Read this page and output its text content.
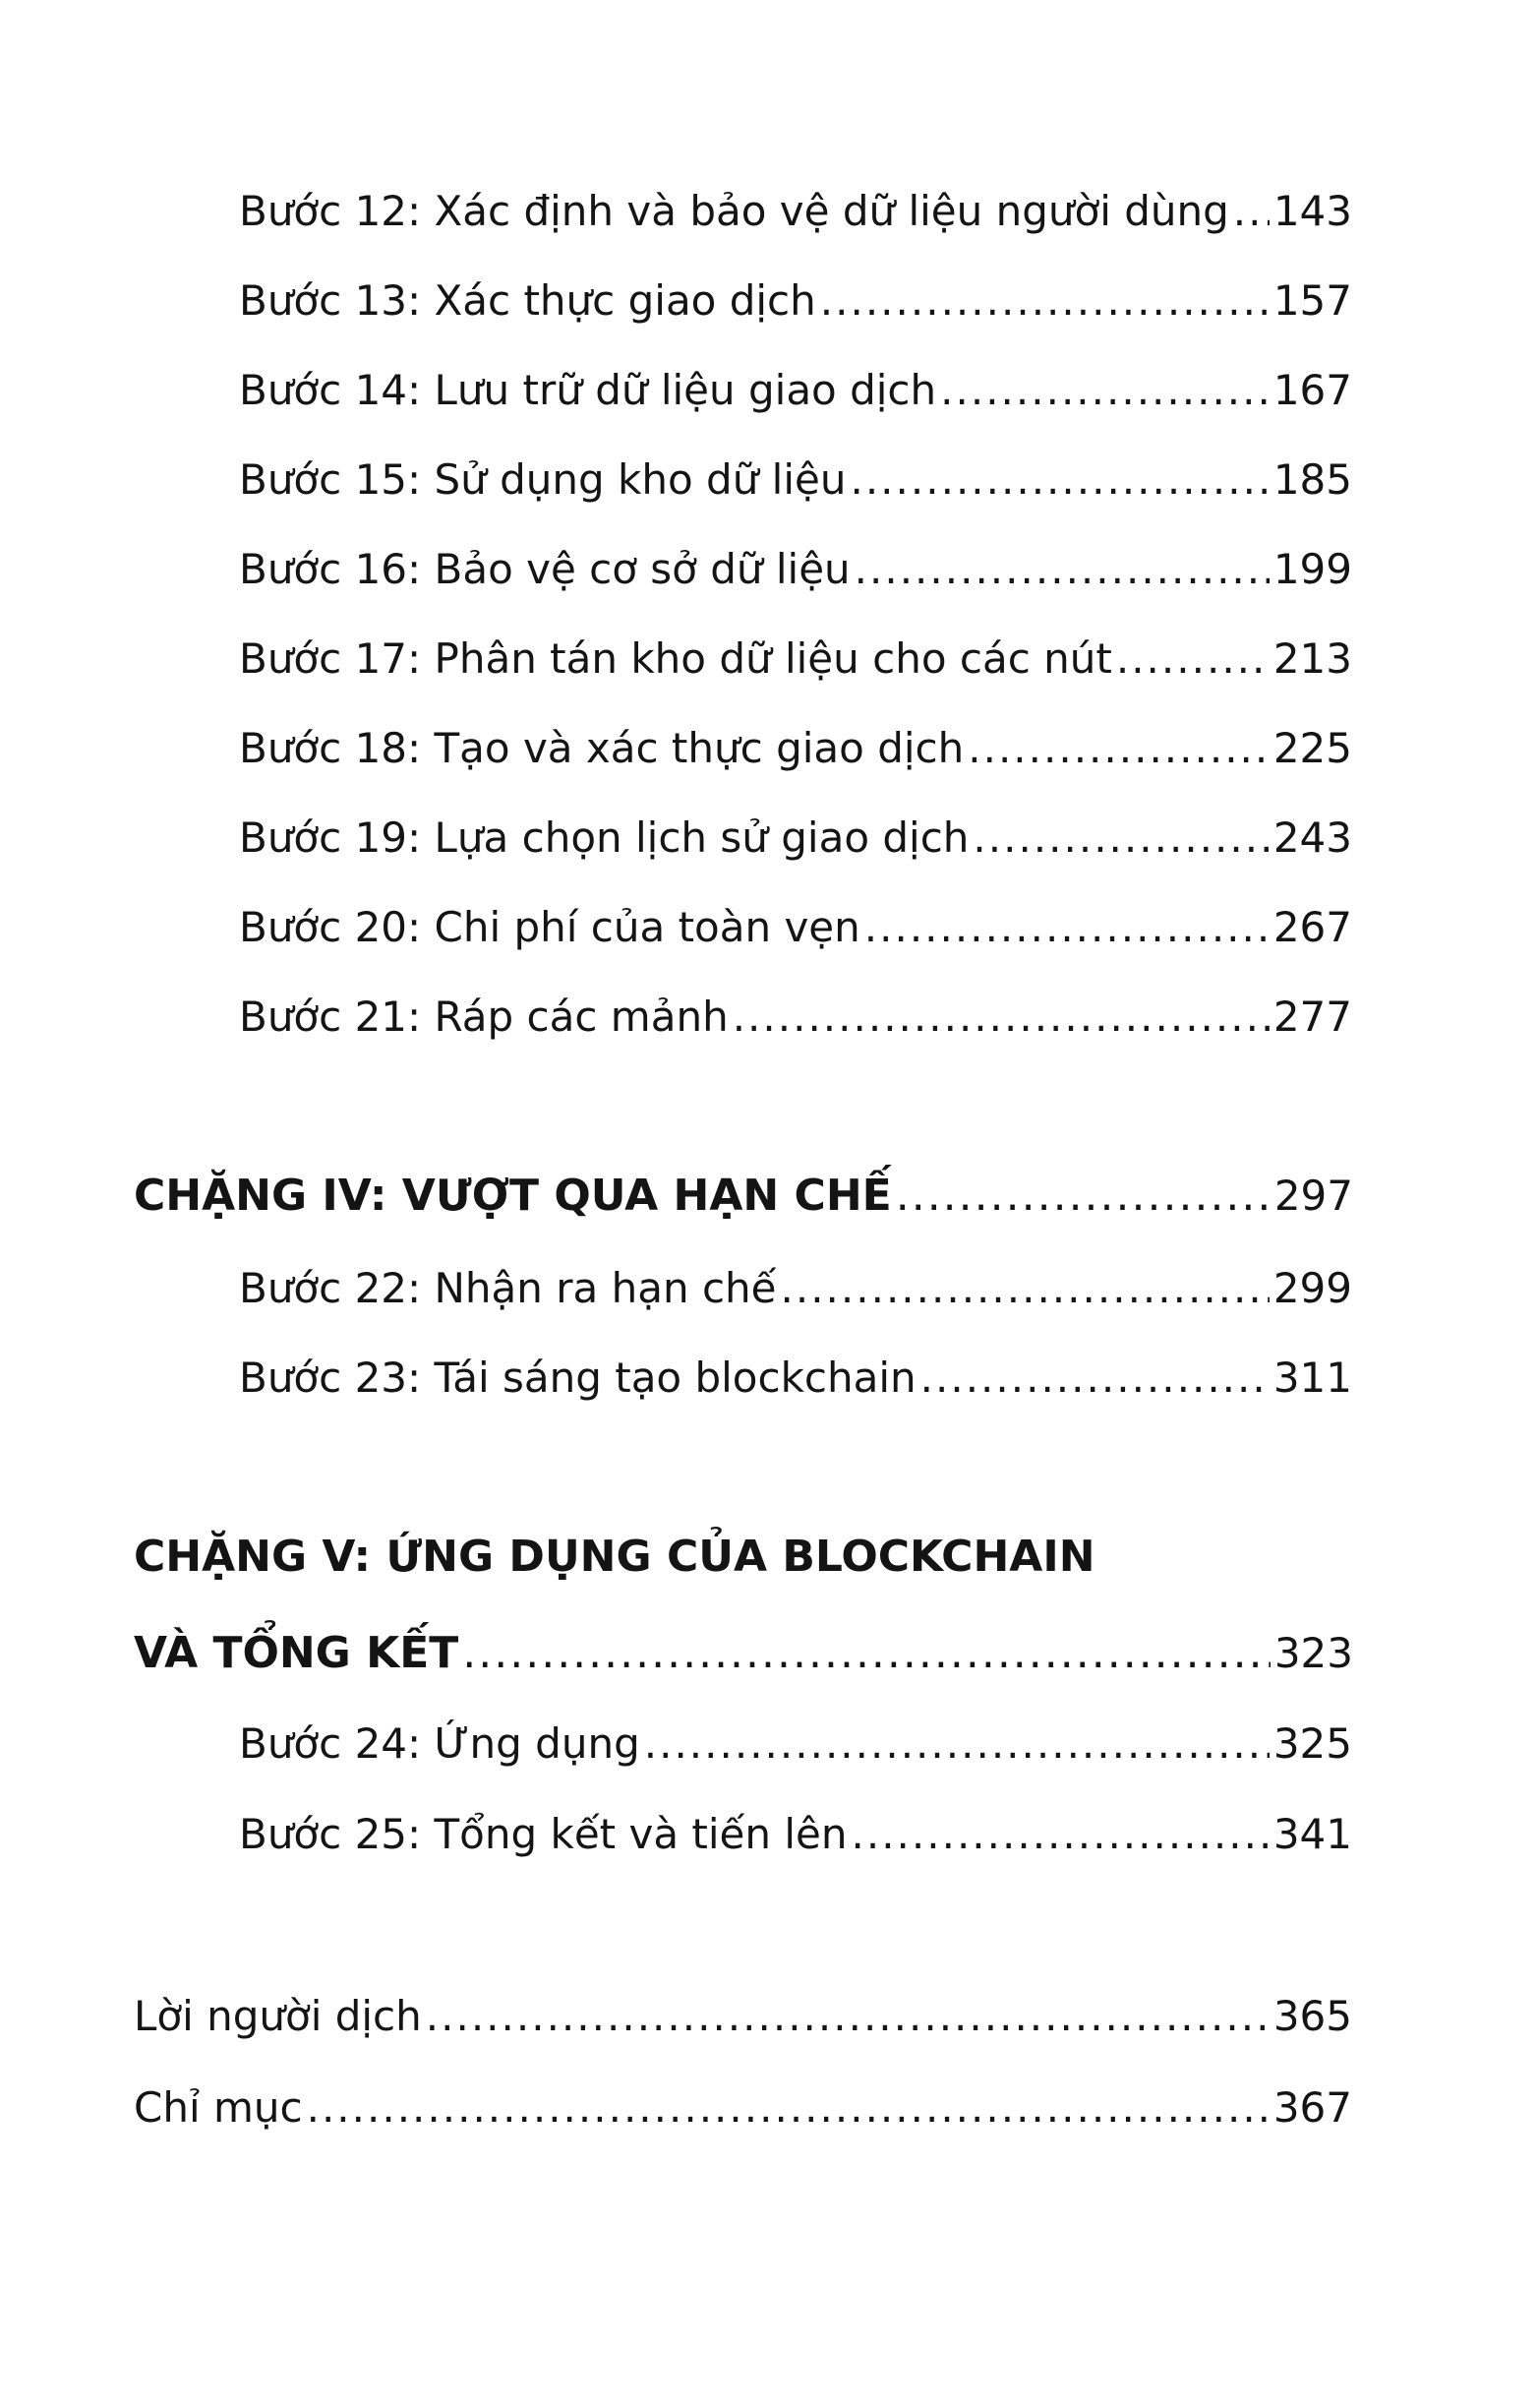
Bước 12: Xác định và bảo vệ dữ liệu người dùng ..... 143
Bước 13: Xác thực giao dịch .....	157
Bước 14: Lưu trữ dữ liệu giao dịch .....	167
Bước 15: Sử dụng kho dữ liệu .....	185
Bước 16: Bảo vệ cơ sở dữ liệu .....	199
Bước 17: Phân tán kho dữ liệu cho các nút .....	213
Bước 18: Tạo và xác thực giao dịch .....	225
Bước 19: Lựa chọn lịch sử giao dịch .....	243
Bước 20: Chi phí của toàn vẹn .....	267
Bước 21: Ráp các mảnh .....	277
CHẶNG IV: VƯỢT QUA HẠN CHẾ .....	297
Bước 22: Nhận ra hạn chế .....	299
Bước 23: Tái sáng tạo blockchain .....	311
CHẶNG V: ỨNG DỤNG CỦA BLOCKCHAIN
VÀ TỔNG KẾT .....	323
Bước 24: Ứng dụng .....	325
Bước 25: Tổng kết và tiến lên .....	341
Lời người dịch .....	365
Chỉ mục .....	367
